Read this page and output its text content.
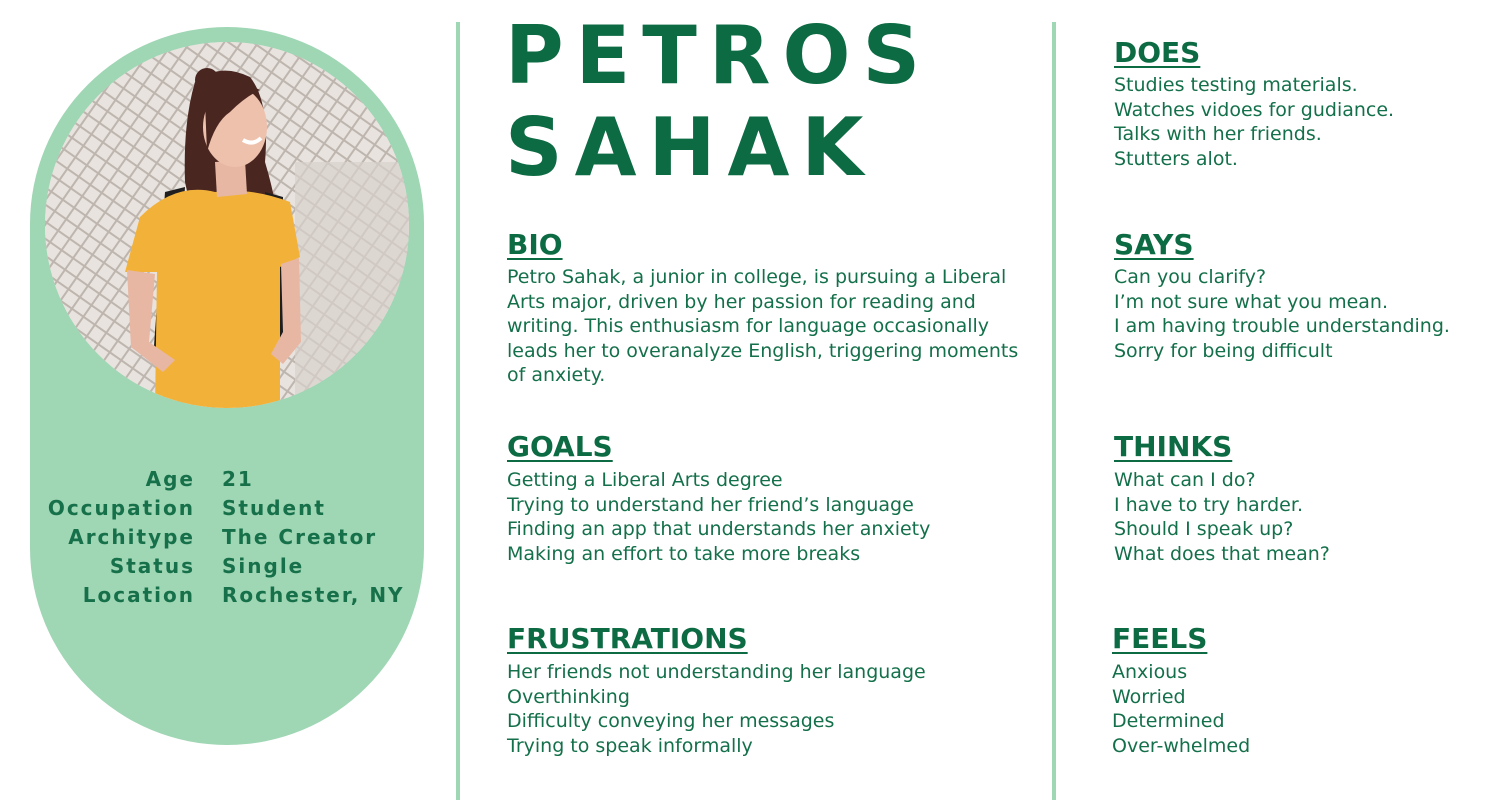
Age 21
Occupation Student
Architype The Creator
Status Single
Location Rochester, NY
PETROS
SAHAK
BIO
Petro Sahak, a junior in college, is pursuing a Liberal Arts major, driven by her passion for reading and writing. This enthusiasm for language occasionally leads her to overanalyze English, triggering moments of anxiety.
GOALS
Getting a Liberal Arts degree
Trying to understand her friend’s language
Finding an app that understands her anxiety
Making an effort to take more breaks
FRUSTRATIONS
Her friends not understanding her language
Overthinking
Difficulty conveying her messages
Trying to speak informally
DOES
Studies testing materials.
Watches vidoes for gudiance.
Talks with her friends.
Stutters alot.
SAYS
Can you clarify?
I’m not sure what you mean.
I am having trouble understanding.
Sorry for being difficult
THINKS
What can I do?
I have to try harder.
Should I speak up?
What does that mean?
FEELS
Anxious
Worried
Determined
Over-whelmed
